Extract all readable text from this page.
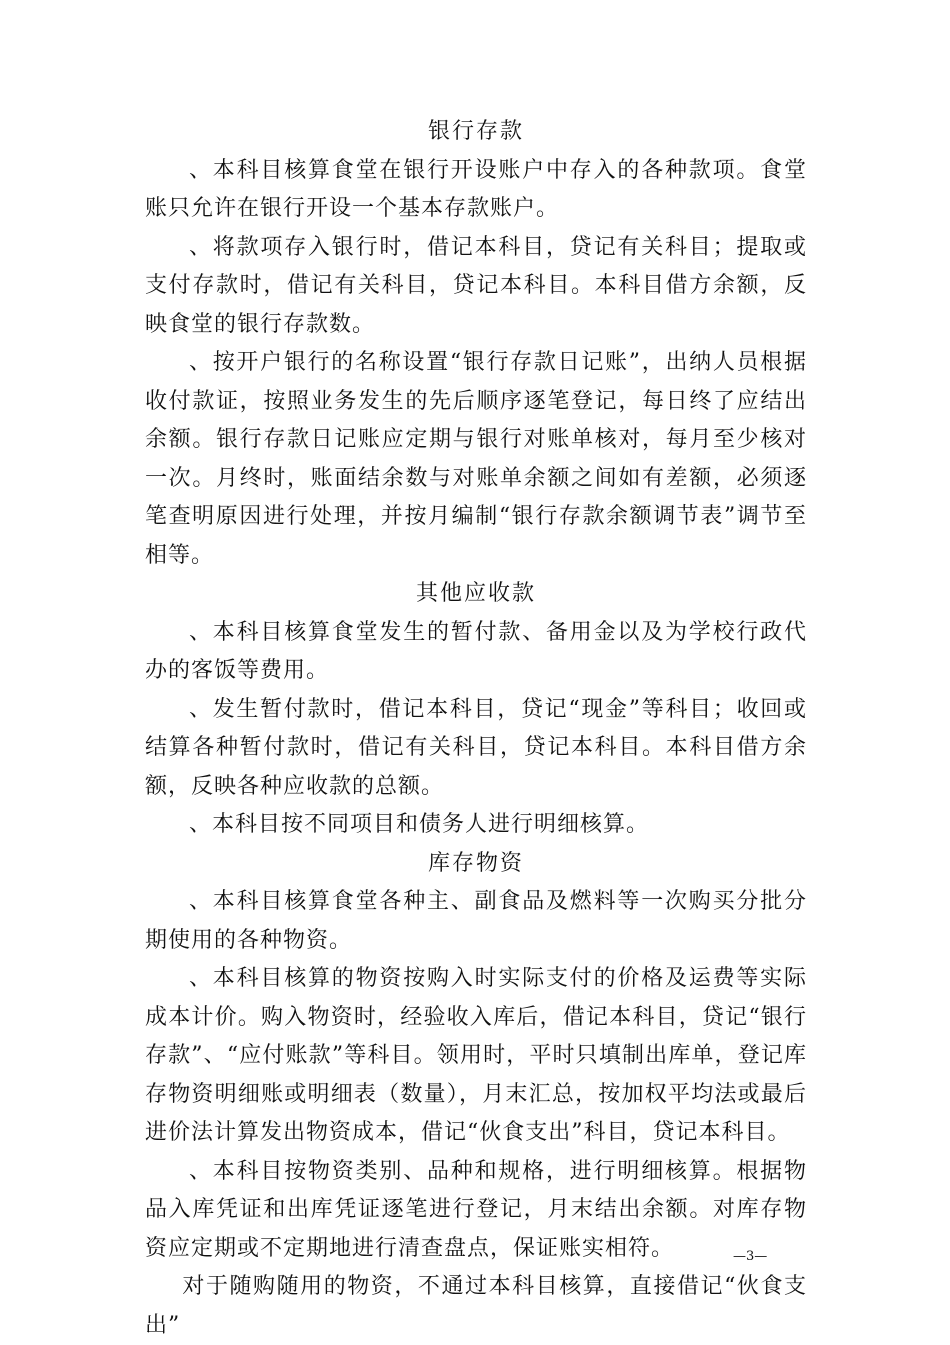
银行存款

、本科目核算食堂在银行开设账户中存入的各种款项。食堂账只允许在银行开设一个基本存款账户。

、将款项存入银行时，借记本科目，贷记有关科目；提取或支付存款时，借记有关科目，贷记本科目。本科目借方余额，反映食堂的银行存款数。

、按开户银行的名称设置“银行存款日记账”，出纳人员根据收付款证，按照业务发生的先后顺序逐笔登记，每日终了应结出余额。银行存款日记账应定期与银行对账单核对，每月至少核对一次。月终时，账面结余数与对账单余额之间如有差额，必须逐笔查明原因进行处理，并按月编制“银行存款余额调节表”调节至相等。

其他应收款

、本科目核算食堂发生的暂付款、备用金以及为学校行政代办的客饭等费用。

、发生暂付款时，借记本科目，贷记“现金”等科目；收回或结算各种暂付款时，借记有关科目，贷记本科目。本科目借方余额，反映各种应收款的总额。

、本科目按不同项目和债务人进行明细核算。

库存物资

、本科目核算食堂各种主、副食品及燃料等一次购买分批分期使用的各种物资。

、本科目核算的物资按购入时实际支付的价格及运费等实际成本计价。购入物资时，经验收入库后，借记本科目，贷记“银行存款”、“应付账款”等科目。领用时，平时只填制出库单，登记库存物资明细账或明细表（数量），月末汇总，按加权平均法或最后进价法计算发出物资成本，借记“伙食支出”科目，贷记本科目。

、本科目按物资类别、品种和规格，进行明细核算。根据物品入库凭证和出库凭证逐笔进行登记，月末结出余额。对库存物资应定期或不定期地进行清查盘点，保证账实相符。

对于随购随用的物资，不通过本科目核算，直接借记“伙食支出”

—3—
